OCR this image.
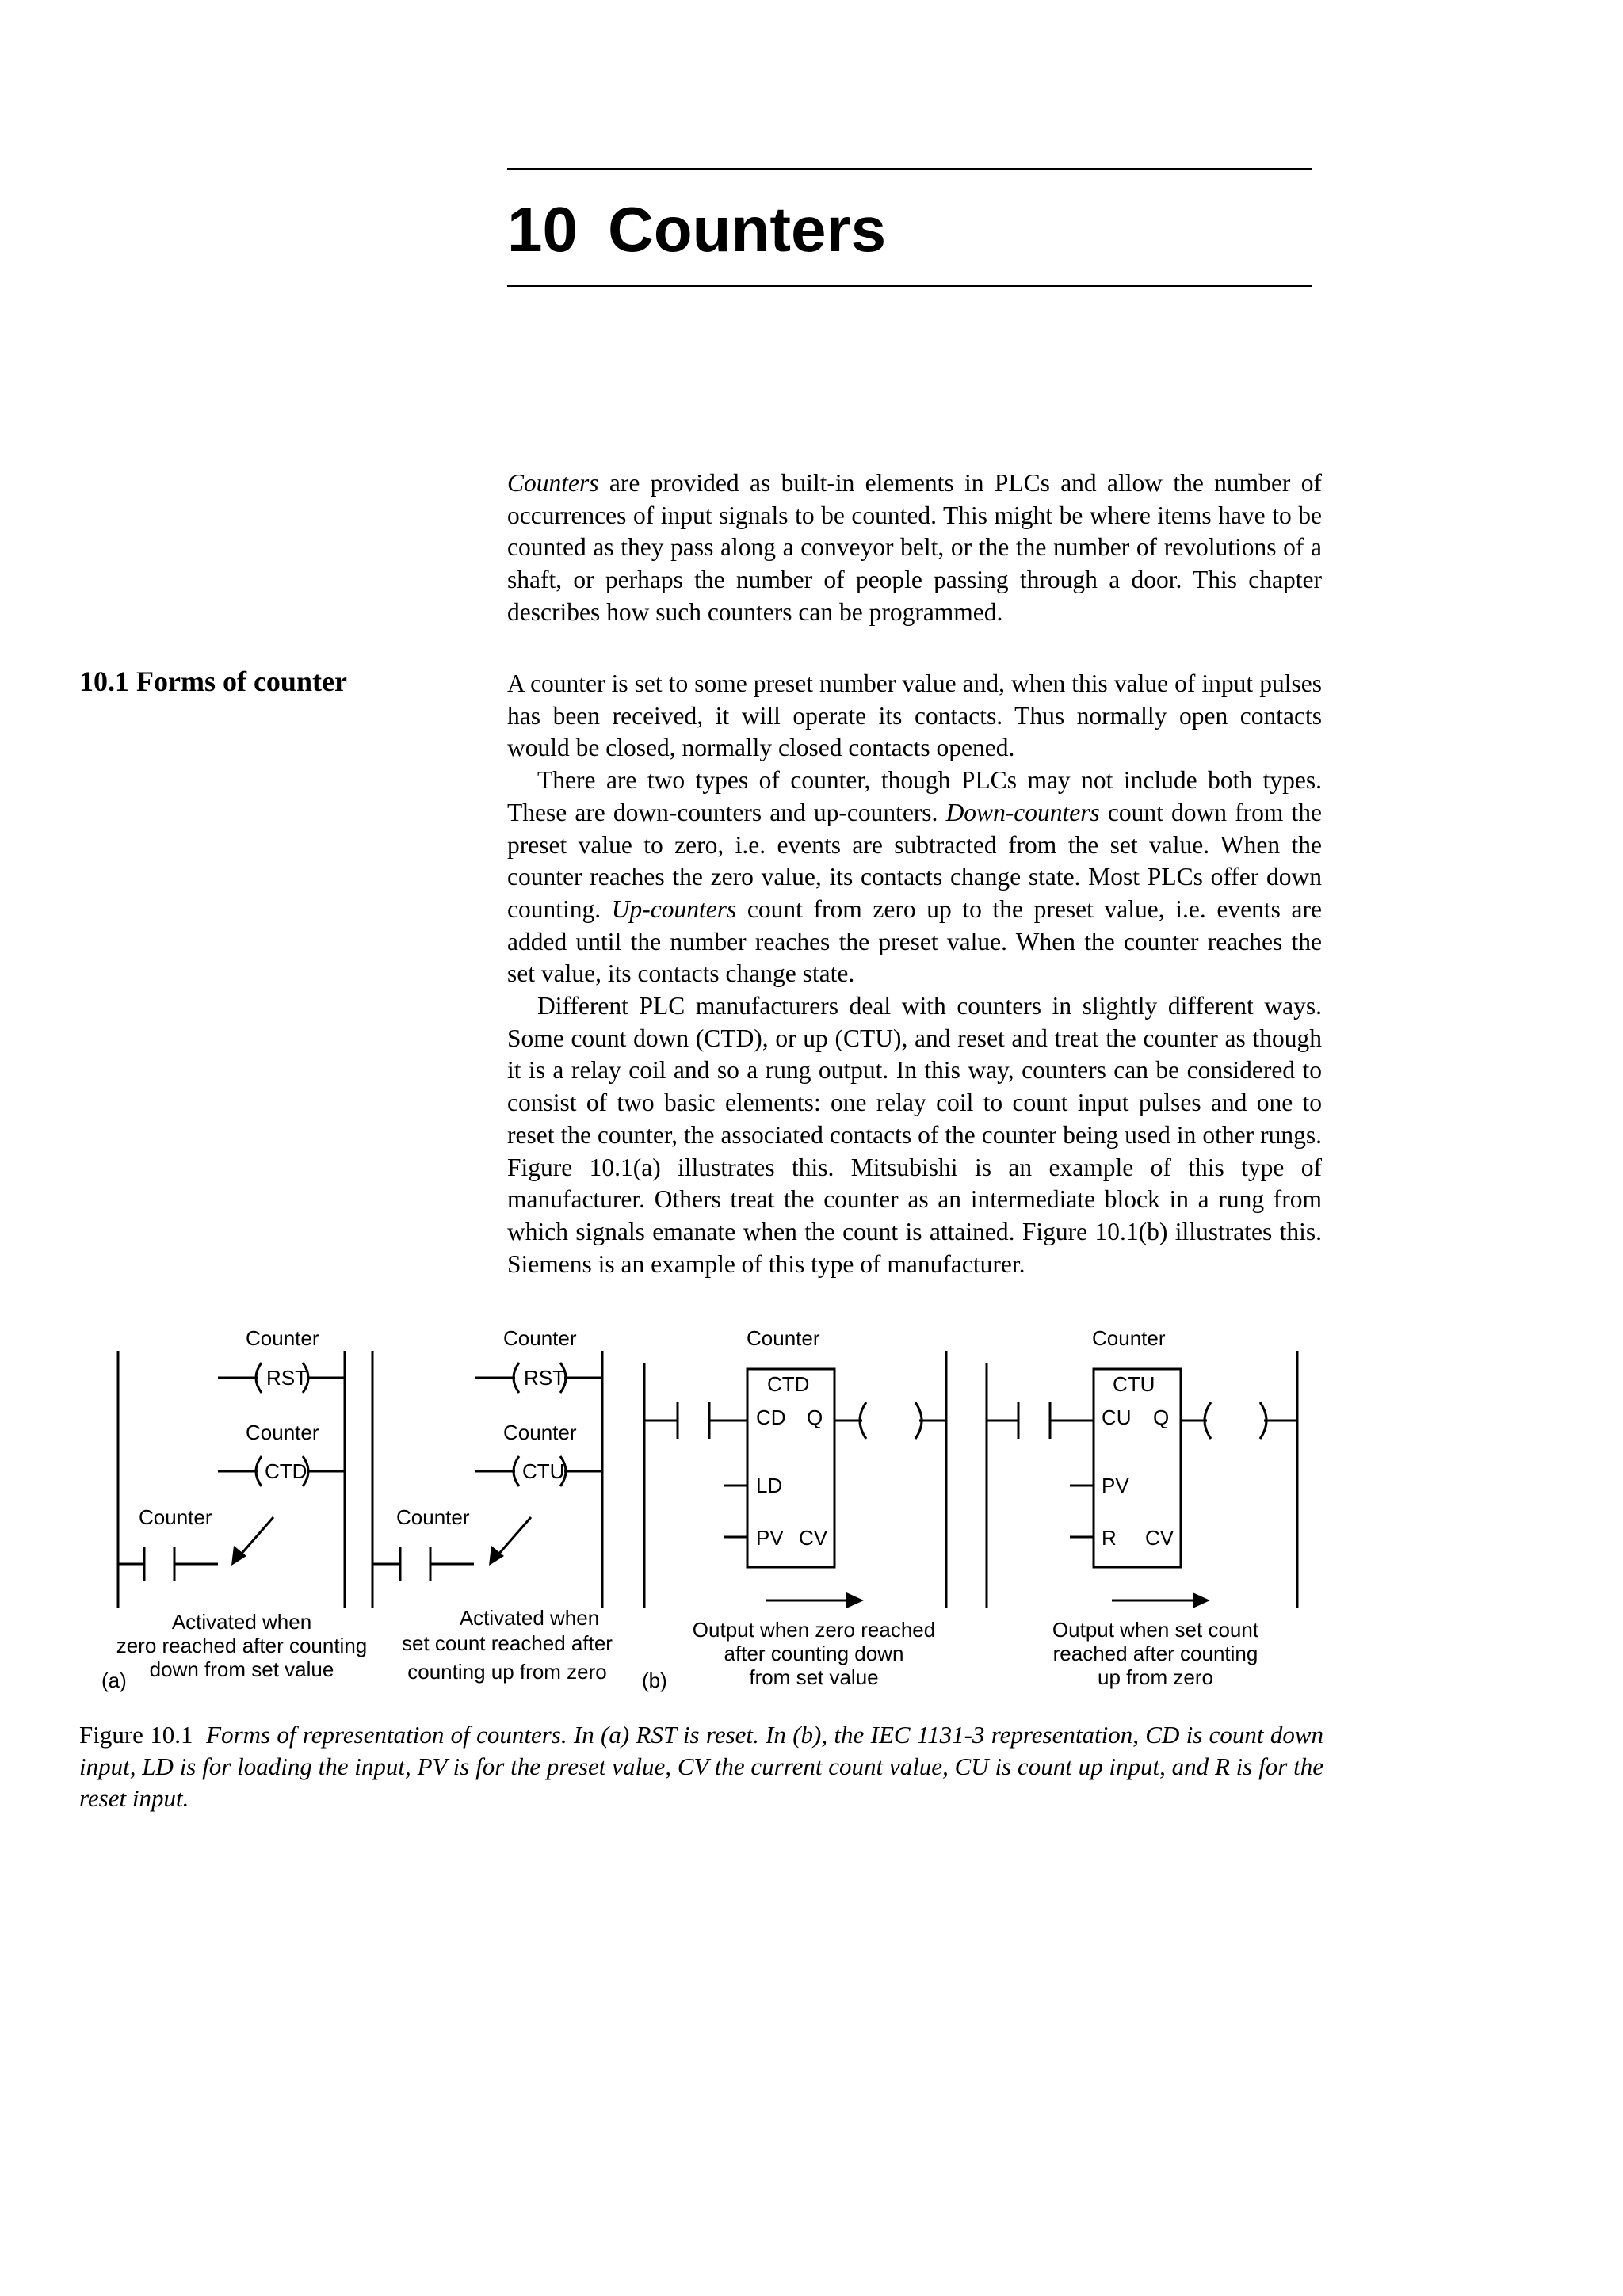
10 Counters

Counters are provided as built-in elements in PLCs and allow the number of occurrences of input signals to be counted. This might be where items have to be counted as they pass along a conveyor belt, or the the number of revolutions of a shaft, or perhaps the number of people passing through a door. This chapter describes how such counters can be programmed.

10.1 Forms of counter	A counter is set to some preset number value and, when this value of input pulses has been received, it will operate its contacts. Thus normally open contacts would be closed, normally closed contacts opened.

There are two types of counter, though PLCs may not include both types. These are down-counters and up-counters. Down-counters count down from the preset value to zero, i.e. events are subtracted from the set value. When the counter reaches the zero value, its contacts change state. Most PLCs offer down counting. Up-counters count from zero up to the preset value, i.e. events are added until the number reaches the preset value. When the counter reaches the set value, its contacts change state.

Different PLC manufacturers deal with counters in slightly different ways. Some count down (CTD), or up (CTU), and reset and treat the counter as though it is a relay coil and so a rung output. In this way, counters can be considered to consist of two basic elements: one relay coil to count input pulses and one to reset the counter, the associated contacts of the counter being used in other rungs. Figure 10.1(a) illustrates this. Mitsubishi is an example of this type of manufacturer. Others treat the counter as an intermediate block in a rung from which signals emanate when the count is attained. Figure 10.1(b) illustrates this. Siemens is an example of this type of manufacturer.

Counter
RST
Counter
CTD
Counter
Activated when
zero reached after counting
down from set value
(a)
Counter
RST
Counter
CTU
Counter
Activated when
set count reached after
counting up from zero (b)
Counter
CTD
CD Q
LD
PV CV
Output when zero reached
after counting down
from set value
Counter
CTU
CU Q
PV
R CV
Output when set count
reached after counting
up from zero

Figure 10.1 Forms of representation of counters. In (a) RST is reset. In (b), the IEC 1131-3 representation, CD is count down input, LD is for loading the input, PV is for the preset value, CV the current count value, CU is count up input, and R is for the reset input.
